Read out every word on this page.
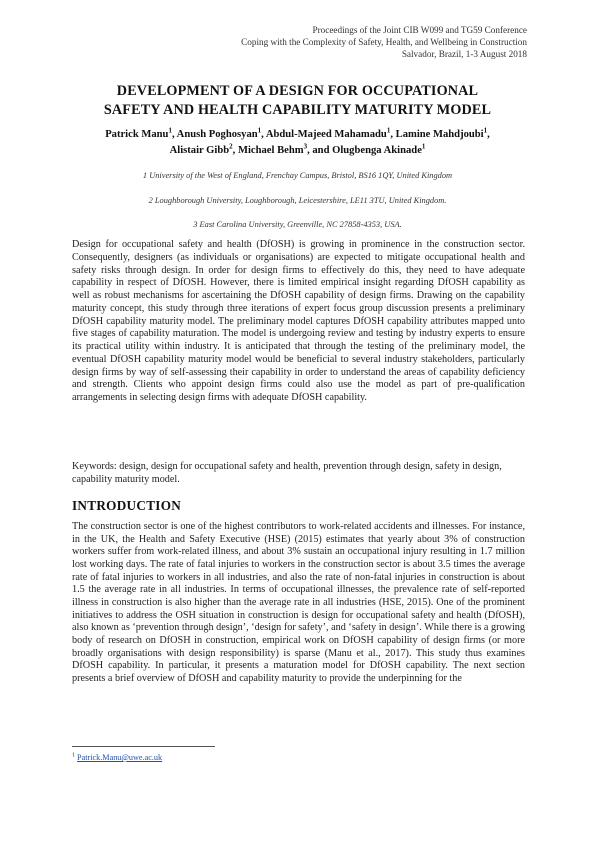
Proceedings of the Joint CIB W099 and TG59 Conference
Coping with the Complexity of Safety, Health, and Wellbeing in Construction
Salvador, Brazil, 1-3 August 2018
DEVELOPMENT OF A DESIGN FOR OCCUPATIONAL
SAFETY AND HEALTH CAPABILITY MATURITY MODEL
Patrick Manu$^1$, Anush Poghosyan$^1$, Abdul-Majeed Mahamadu$^1$, Lamine Mahdjoubi$^1$,
Alistair Gibb$^2$, Michael Behm$^3$, and Olugbenga Akinade$^1$
1 University of the West of England, Frenchay Campus, Bristol, BS16 1QY, United Kingdom
2 Loughborough University, Loughborough, Leicestershire, LE11 3TU, United Kingdom.
3 East Carolina University, Greenville, NC 27858-4353, USA.
Design for occupational safety and health (DfOSH) is growing in prominence in the construction sector. Consequently, designers (as individuals or organisations) are expected to mitigate occupational health and safety risks through design. In order for design firms to effectively do this, they need to have adequate capability in respect of DfOSH. However, there is limited empirical insight regarding DfOSH capability as well as robust mechanisms for ascertaining the DfOSH capability of design firms. Drawing on the capability maturity concept, this study through three iterations of expert focus group discussion presents a preliminary DfOSH capability maturity model. The preliminary model captures DfOSH capability attributes mapped unto five stages of capability maturation. The model is undergoing review and testing by industry experts to ensure its practical utility within industry. It is anticipated that through the testing of the preliminary model, the eventual DfOSH capability maturity model would be beneficial to several industry stakeholders, particularly design firms by way of self-assessing their capability in order to understand the areas of capability deficiency and strength. Clients who appoint design firms could also use the model as part of pre-qualification arrangements in selecting design firms with adequate DfOSH capability.
Keywords: design, design for occupational safety and health, prevention through design, safety in design, capability maturity model.
INTRODUCTION
The construction sector is one of the highest contributors to work-related accidents and illnesses. For instance, in the UK, the Health and Safety Executive (HSE) (2015) estimates that yearly about 3% of construction workers suffer from work-related illness, and about 3% sustain an occupational injury resulting in 1.7 million lost working days. The rate of fatal injuries to workers in the construction sector is about 3.5 times the average rate of fatal injuries to workers in all industries, and also the rate of non-fatal injuries in construction is about 1.5 the average rate in all industries. In terms of occupational illnesses, the prevalence rate of self-reported illness in construction is also higher than the average rate in all industries (HSE, 2015). One of the prominent initiatives to address the OSH situation in construction is design for occupational safety and health (DfOSH), also known as ‘prevention through design’, ‘design for safety’, and ‘safety in design’. While there is a growing body of research on DfOSH in construction, empirical work on DfOSH capability of design firms (or more broadly organisations with design responsibility) is sparse (Manu et al., 2017). This study thus examines DfOSH capability. In particular, it presents a maturation model for DfOSH capability. The next section presents a brief overview of DfOSH and capability maturity to provide the underpinning for the
$^1$ Patrick.Manu@uwe.ac.uk
